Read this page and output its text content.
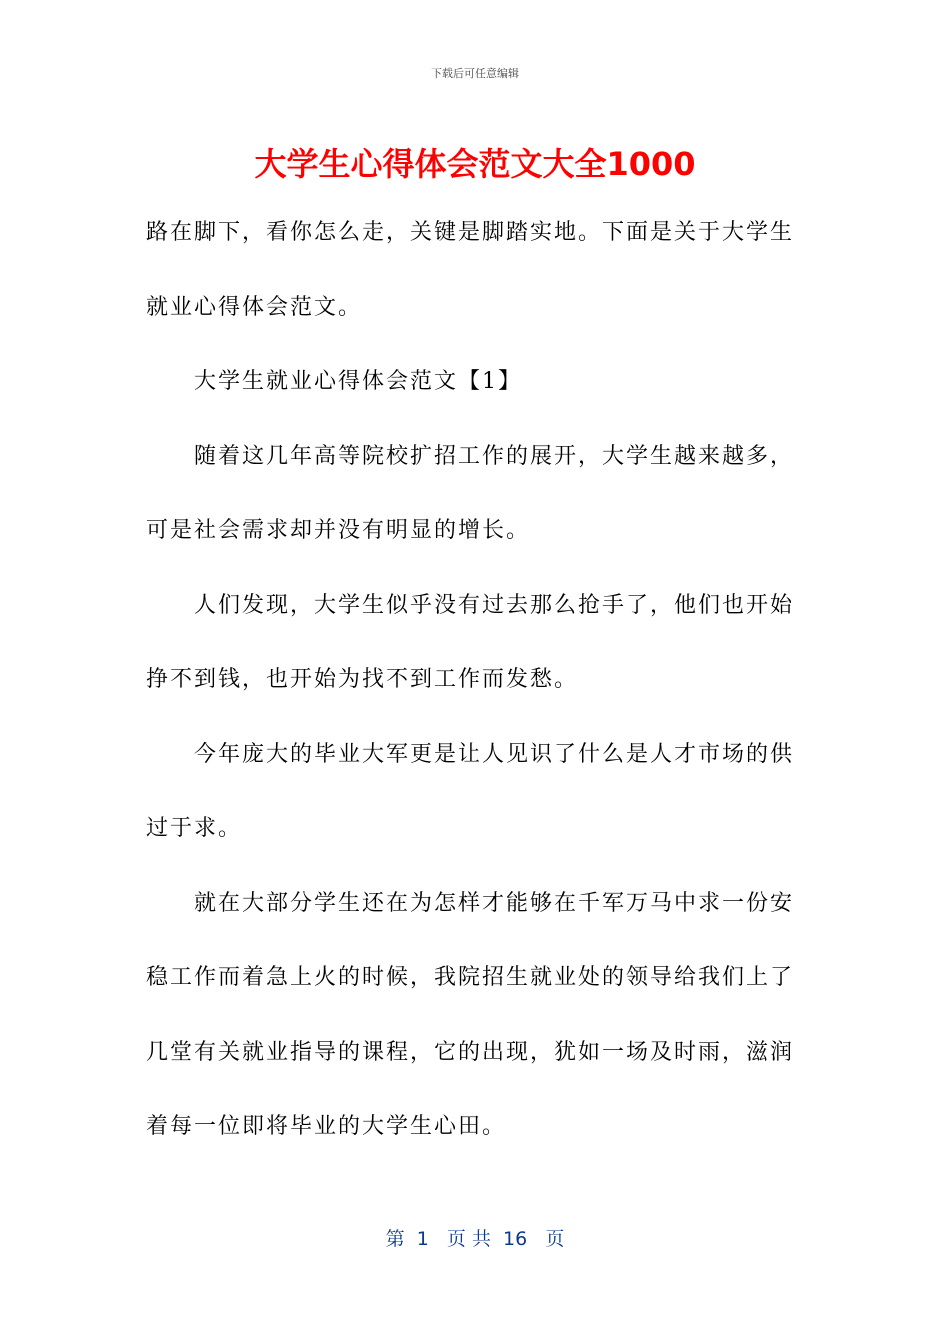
下载后可任意编辑
大学生心得体会范文大全1000

路在脚下，看你怎么走，关键是脚踏实地。下面是关于大学生就业心得体会范文。

大学生就业心得体会范文【1】

随着这几年高等院校扩招工作的展开，大学生越来越多，可是社会需求却并没有明显的增长。

人们发现，大学生似乎没有过去那么抢手了，他们也开始挣不到钱，也开始为找不到工作而发愁。

今年庞大的毕业大军更是让人见识了什么是人才市场的供过于求。

就在大部分学生还在为怎样才能够在千军万马中求一份安稳工作而着急上火的时候，我院招生就业处的领导给我们上了几堂有关就业指导的课程，它的出现，犹如一场及时雨，滋润着每一位即将毕业的大学生心田。

第  1   页 共  16   页
